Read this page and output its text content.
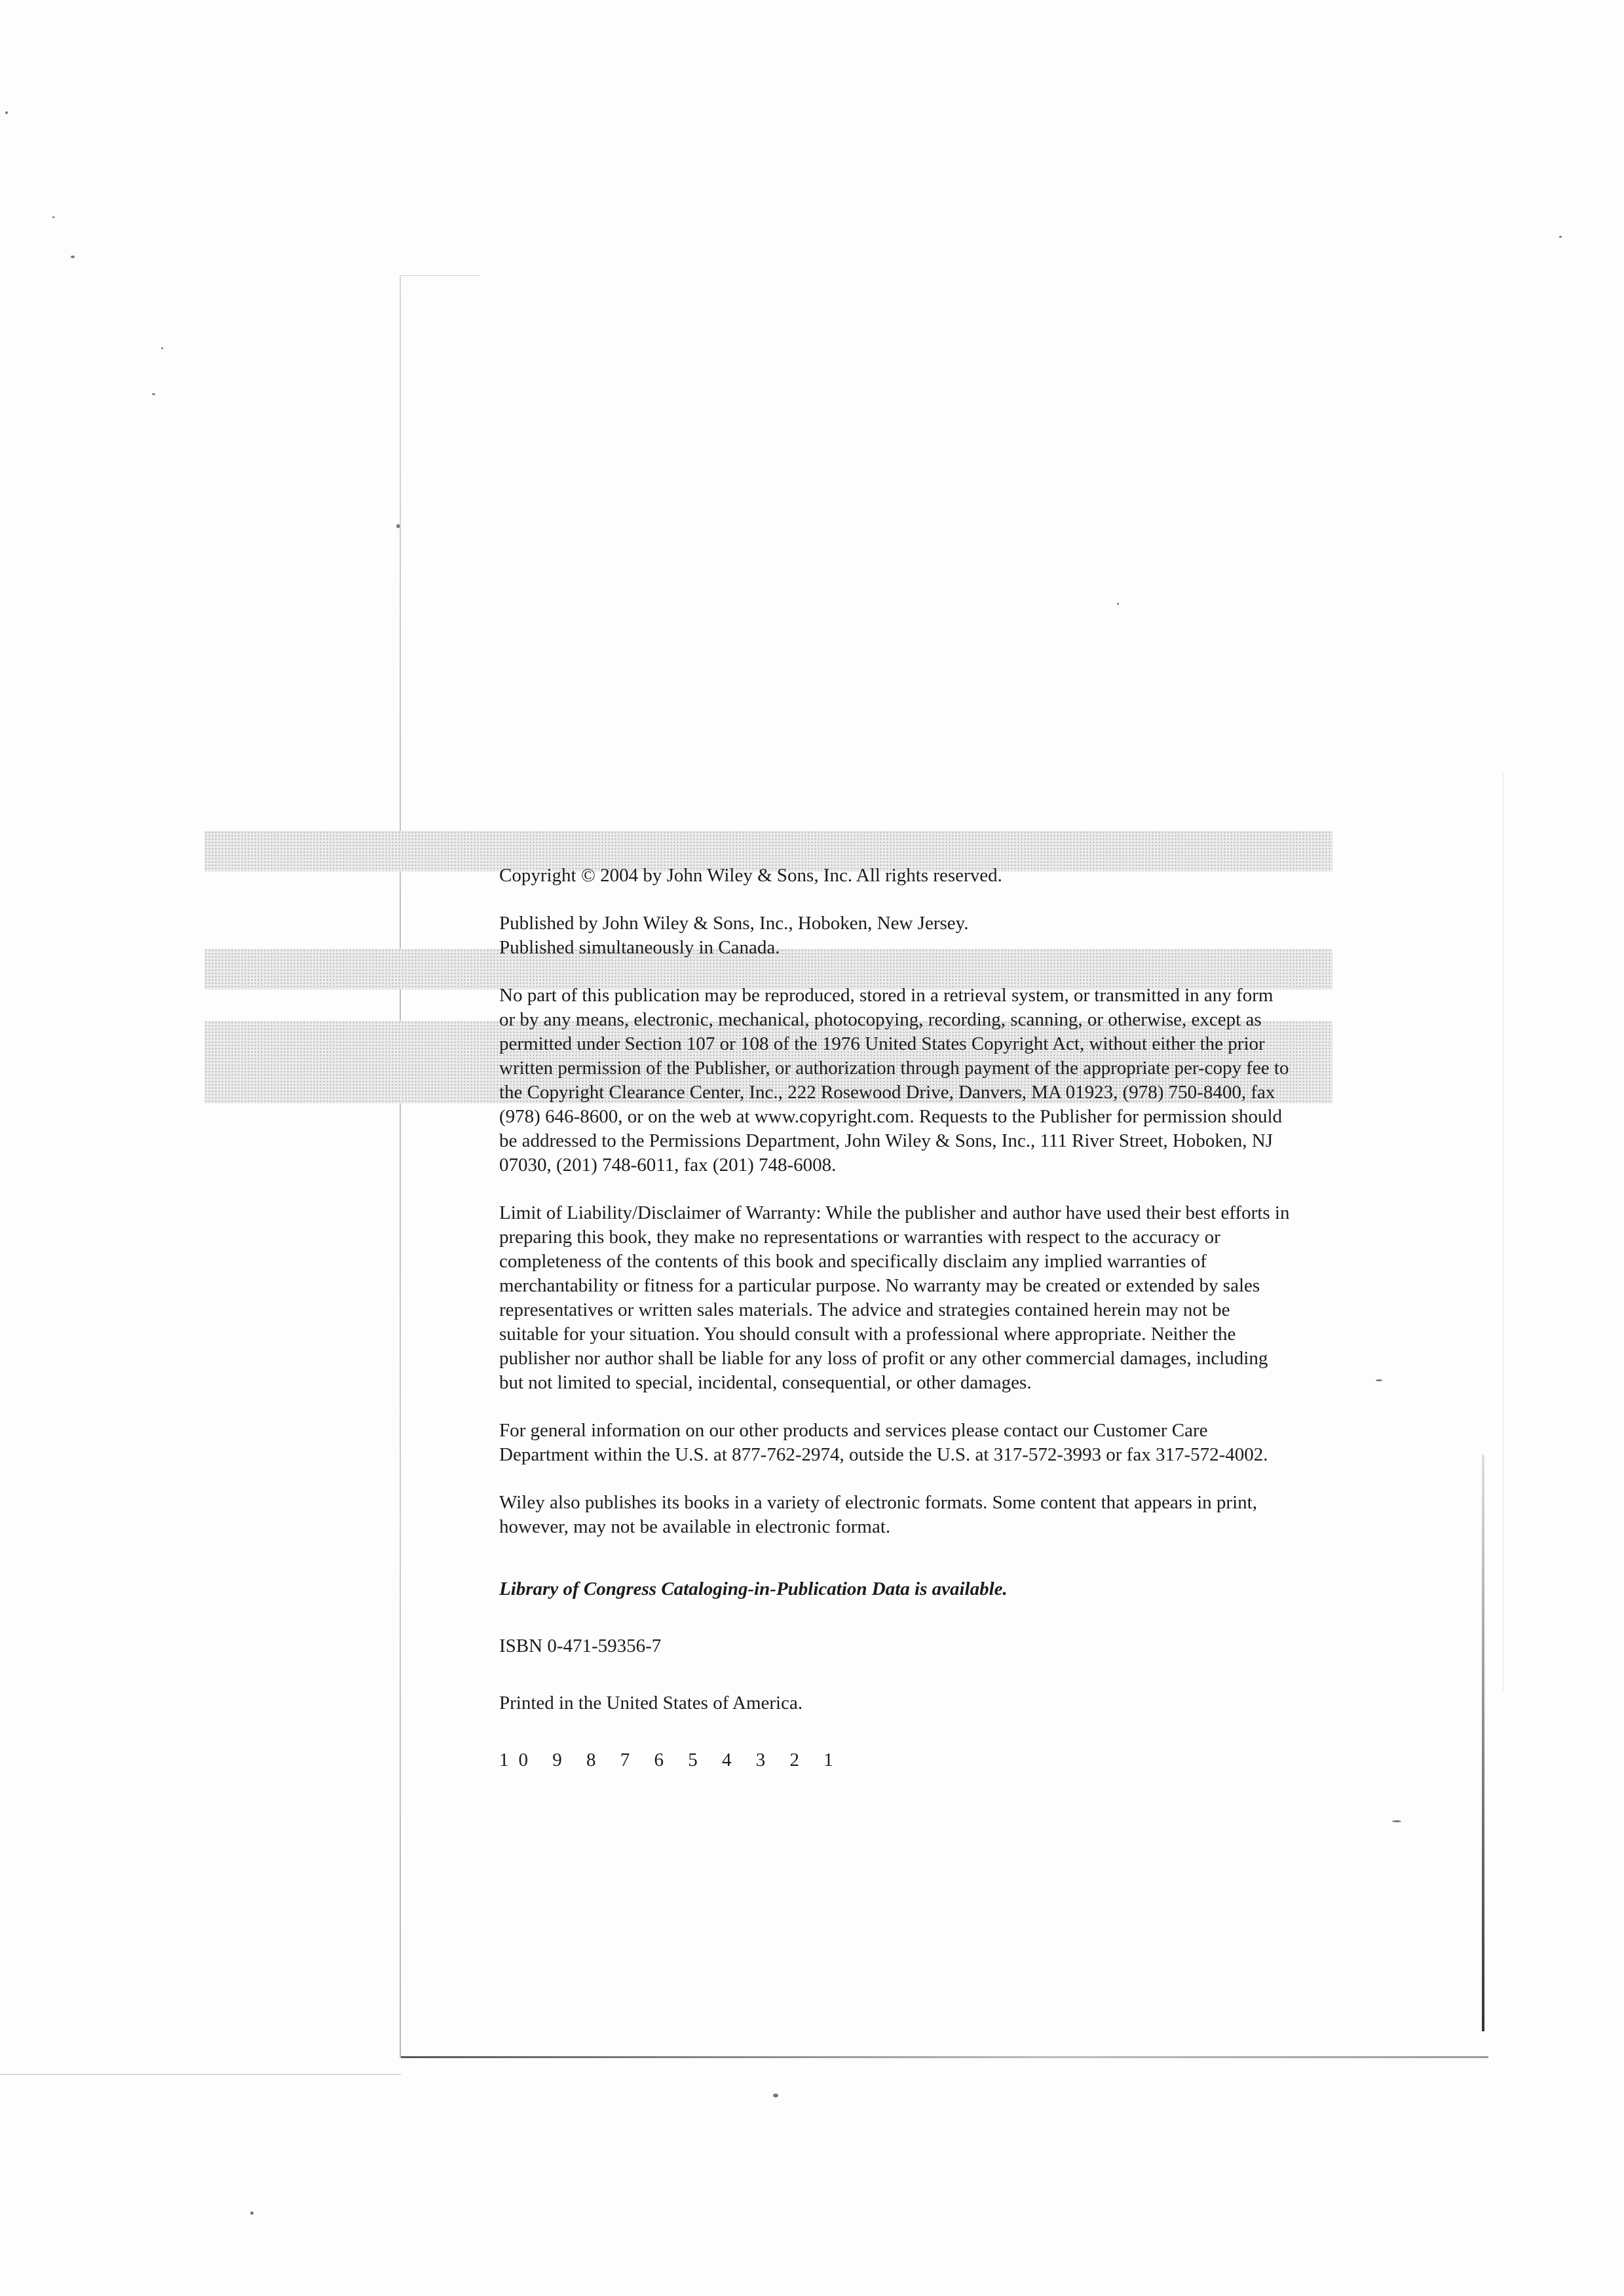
Copyright © 2004 by John Wiley & Sons, Inc. All rights reserved.

Published by John Wiley & Sons, Inc., Hoboken, New Jersey.

Published simultaneously in Canada.

No part of this publication may be reproduced, stored in a retrieval system, or transmitted in any form
or by any means, electronic, mechanical, photocopying, recording, scanning, or otherwise, except as
permitted under Section 107 or 108 of the 1976 United States Copyright Act, without either the prior
written permission of the Publisher, or authorization through payment of the appropriate per-copy fee to
the Copyright Clearance Center, Inc., 222 Rosewood Drive, Danvers, MA 01923, (978) 750-8400, fax
(978) 646-8600, or on the web at www.copyright.com. Requests to the Publisher for permission should
be addressed to the Permissions Department, John Wiley & Sons, Inc., 111 River Street, Hoboken, NJ
07030, (201) 748-6011, fax (201) 748-6008.

Limit of Liability/Disclaimer of Warranty: While the publisher and author have used their best efforts in
preparing this book, they make no representations or warranties with respect to the accuracy or
completeness of the contents of this book and specifically disclaim any implied warranties of
merchantability or fitness for a particular purpose. No warranty may be created or extended by sales
representatives or written sales materials. The advice and strategies contained herein may not be
suitable for your situation. You should consult with a professional where appropriate. Neither the
publisher nor author shall be liable for any loss of profit or any other commercial damages, including
but not limited to special, incidental, consequential, or other damages.

For general information on our other products and services please contact our Customer Care
Department within the U.S. at 877-762-2974, outside the U.S. at 317-572-3993 or fax 317-572-4002.

Wiley also publishes its books in a variety of electronic formats. Some content that appears in print,
however, may not be available in electronic format.

Library of Congress Cataloging-in-Publication Data is available.

ISBN 0-471-59356-7

Printed in the United States of America.

10 9 8 7 6 5 4 3 2 1
